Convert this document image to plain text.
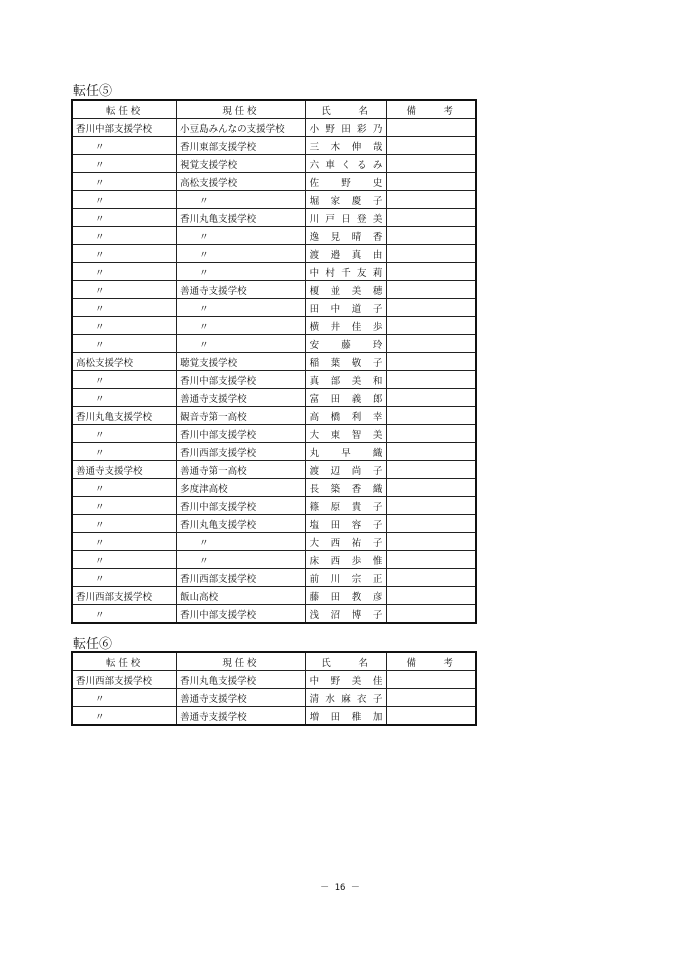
転任⑤
転任校	現任校	氏　　名	備　　考
香川中部支援学校	小豆島みんなの支援学校	小 野 田 彩 乃	
〃	香川東部支援学校	三 木 伸 哉	
〃	視覚支援学校	六 車 く る み	
〃	高松支援学校	佐 野 史	
〃	〃	堀 家 慶 子	
〃	香川丸亀支援学校	川 戸 日 登 美	
〃	〃	逸 見 晴 香	
〃	〃	渡 邉 真 由	
〃	〃	中 村 千 友 莉	
〃	善通寺支援学校	榎 並 美 穂	
〃	〃	田 中 道 子	
〃	〃	横 井 佳 歩	
〃	〃	安 藤 玲	
高松支援学校	聴覚支援学校	稲 葉 敬 子	
〃	香川中部支援学校	真 部 美 和	
〃	善通寺支援学校	富 田 義 郎	
香川丸亀支援学校	観音寺第一高校	高 橋 利 幸	
〃	香川中部支援学校	大 東 智 美	
〃	香川西部支援学校	丸 早 織	
善通寺支援学校	善通寺第一高校	渡 辺 尚 子	
〃	多度津高校	長 築 香 織	
〃	香川中部支援学校	篠 原 貴 子	
〃	香川丸亀支援学校	塩 田 容 子	
〃	〃	大 西 祐 子	
〃	〃	床 西 歩 惟	
〃	香川西部支援学校	前 川 宗 正	
香川西部支援学校	飯山高校	藤 田 教 彦	
〃	香川中部支援学校	浅 沼 博 子	
転任⑥
転任校	現任校	氏　　名	備　　考
香川西部支援学校	香川丸亀支援学校	中 野 美 佳	
〃	善通寺支援学校	清 水 麻 衣 子	
〃	善通寺支援学校	増 田 稚 加	
－ 16 －
